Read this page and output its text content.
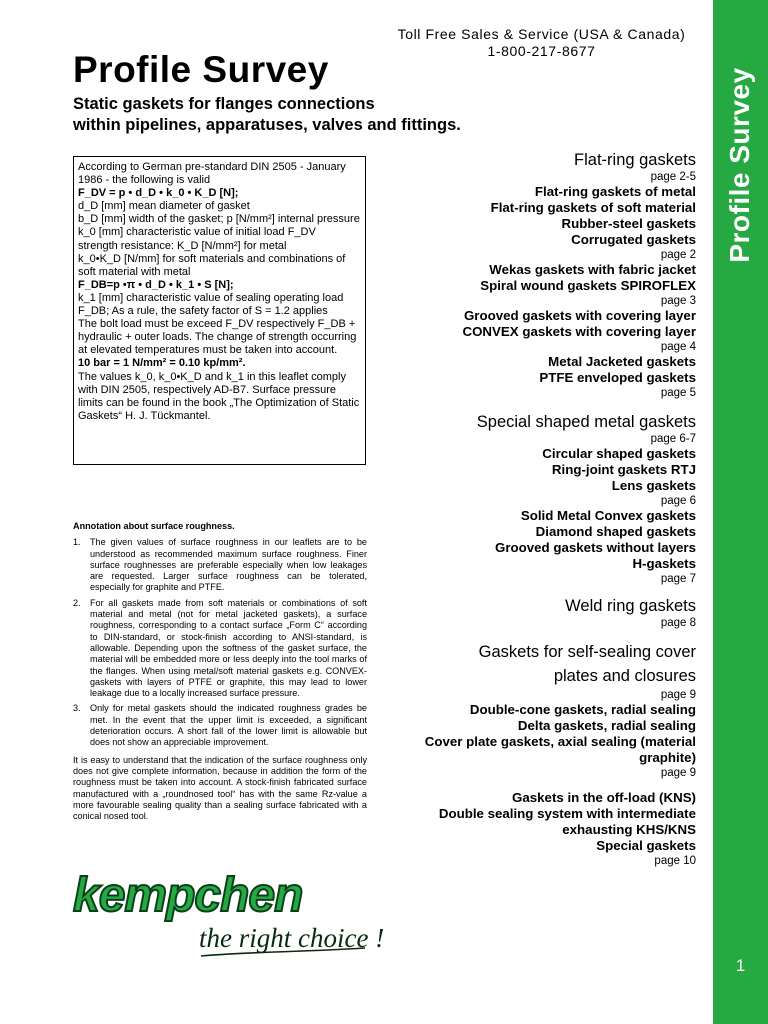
Profile Survey
1
Toll Free Sales & Service (USA & Canada)
1-800-217-8677
Profile Survey
Static gaskets for flanges connections
within pipelines, apparatuses, valves and fittings.

According to German pre-standard DIN 2505 - January 1986 - the following is valid

F_DV = p • d_D • k_0 • K_D [N];

d_D [mm] mean diameter of gasket

b_D [mm] width of the gasket; p [N/mm²] internal pressure

k_0 [mm] characteristic value of initial load F_DV

strength resistance: K_D [N/mm²] for metal

k_0•K_D [N/mm] for soft materials and combinations of soft material with metal

F_DB=p •π • d_D • k_1 • S [N];

k_1 [mm] characteristic value of sealing operating load F_DB; As a rule, the safety factor of S = 1.2 applies

The bolt load must be exceed F_DV respectively F_DB + hydraulic + outer loads. The change of strength occurring at elevated temperatures must be taken into account.

10 bar = 1 N/mm² = 0.10 kp/mm².

The values k_0, k_0•K_D and k_1 in this leaflet comply with DIN 2505, respectively AD-B7. Surface pressure limits can be found in the book „The Optimization of Static Gaskets“ H. J. Tückmantel.

Annotation about surface roughness.
1. The given values of surface roughness in our leaflets are to be understood as recommended maximum surface roughness. Finer surface roughnesses are preferable especially when low leakages are requested. Larger surface roughness can be tolerated, especially for graphite and PTFE.
2. For all gaskets made from soft materials or combinations of soft material and metal (not for metal jacketed gaskets), a surface roughness, corresponding to a contact surface „Form C“ according to DIN-standard, or stock-finish according to ANSI-standard, is allowable. Depending upon the softness of the gasket surface, the material will be embedded more or less deeply into the tool marks of the flanges. When using metal/soft material gaskets e.g. CONVEX-gaskets with layers of PTFE or graphite, this may lead to lower leakage due to a locally increased surface pressure.
3. Only for metal gaskets should the indicated roughness grades be met. In the event that the upper limit is exceeded, a significant deterioration occurs. A short fall of the lower limit is allowable but does not show an appreciable improvement.
It is easy to understand that the indication of the surface roughness only does not give complete information, because in addition the form of the roughness must be taken into account. A stock-finish fabricated surface manufactured with a „roundnosed tool“ has with the same Rz-value a more favourable sealing quality than a sealing surface fabricated with a conical nosed tool.
kempchen
the right choice !
Flat-ring gaskets
page 2-5
Flat-ring gaskets of metal
Flat-ring gaskets of soft material
Rubber-steel gaskets
Corrugated gaskets
page 2
Wekas gaskets with fabric jacket
Spiral wound gaskets SPIROFLEX
page 3
Grooved gaskets with covering layer
CONVEX gaskets with covering layer
page 4
Metal Jacketed gaskets
PTFE enveloped gaskets
page 5
Special shaped metal gaskets
page 6-7
Circular shaped gaskets
Ring-joint gaskets RTJ
Lens gaskets
page 6
Solid Metal Convex gaskets
Diamond shaped gaskets
Grooved gaskets without layers
H-gaskets
page 7
Weld ring gaskets
page 8
Gaskets for self-sealing cover
plates and closures
page 9
Double-cone gaskets, radial sealing
Delta gaskets, radial sealing
Cover plate gaskets, axial sealing (material
graphite)
page 9
Gaskets in the off-load (KNS)
Double sealing system with intermediate
exhausting KHS/KNS
Special gaskets
page 10
